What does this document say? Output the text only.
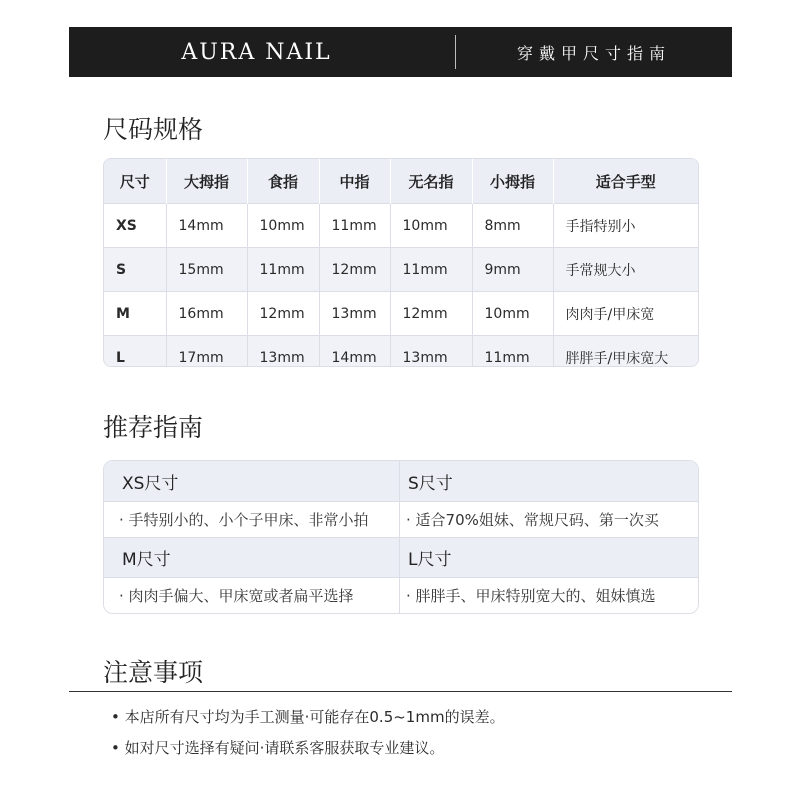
AURA NAIL	穿戴甲尺寸指南
尺码规格
尺寸	大拇指	食指	中指	无名指	小拇指	适合手型
XS	14mm	10mm	11mm	10mm	8mm	手指特别小
S	15mm	11mm	12mm	11mm	9mm	手常规大小
M	16mm	12mm	13mm	12mm	10mm	肉肉手/甲床宽
L	17mm	13mm	14mm	13mm	11mm	胖胖手/甲床宽大
推荐指南
XS尺寸	S尺寸
· 手特别小的、小个子甲床、非常小拍	· 适合70%姐妹、常规尺码、第一次买
M尺寸	L尺寸
· 肉肉手偏大、甲床宽或者扁平选择	· 胖胖手、甲床特别宽大的、姐妹慎选
注意事项
• 本店所有尺寸均为手工测量·可能存在0.5~1mm的误差。
• 如对尺寸选择有疑问·请联系客服获取专业建议。
